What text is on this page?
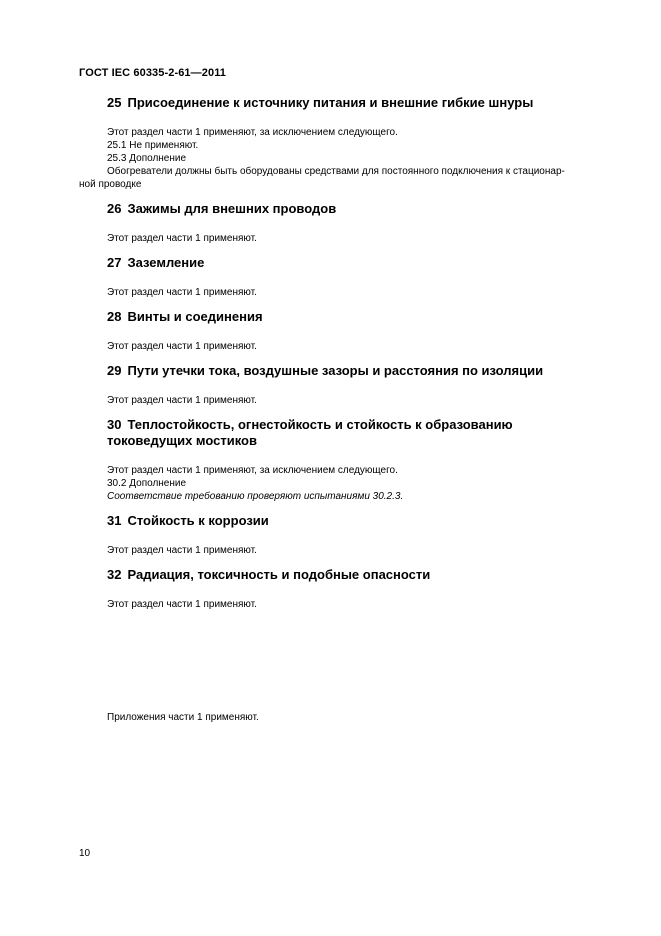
ГОСТ IEC 60335-2-61—2011
25 Присоединение к источнику питания и внешние гибкие шнуры
Этот раздел части 1 применяют, за исключением следующего.
25.1 Не применяют.
25.3 Дополнение
Обогреватели должны быть оборудованы средствами для постоянного подключения к стационар-
ной проводке
26 Зажимы для внешних проводов
Этот раздел части 1 применяют.
27 Заземление
Этот раздел части 1 применяют.
28 Винты и соединения
Этот раздел части 1 применяют.
29 Пути утечки тока, воздушные зазоры и расстояния по изоляции
Этот раздел части 1 применяют.
30 Теплостойкость, огнестойкость и стойкость к образованию
токоведущих мостиков
Этот раздел части 1 применяют, за исключением следующего.
30.2 Дополнение
Соответствие требованию проверяют испытаниями 30.2.3.
31 Стойкость к коррозии
Этот раздел части 1 применяют.
32 Радиация, токсичность и подобные опасности
Этот раздел части 1 применяют.
Приложения части 1 применяют.
10
